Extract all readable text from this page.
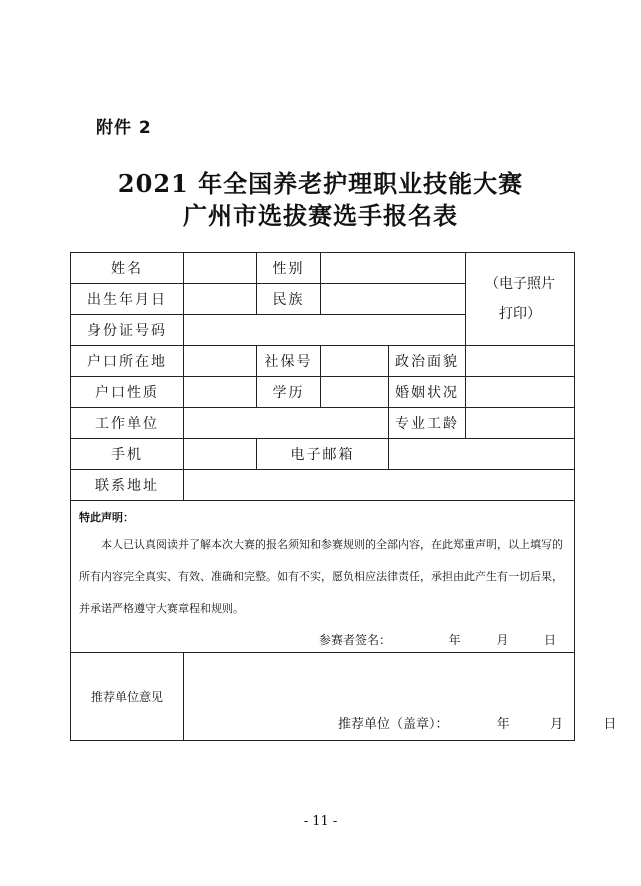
附件 2
2021 年全国养老护理职业技能大赛
广州市选拔赛选手报名表
姓名		性别			（电子照片
打印）

出生年月日		民族			
身份证号码					
户口所在地		社保号		政治面貌	
户口性质		学历		婚姻状况	
工作单位				专业工龄	
手机		电子邮箱			
联系地址					

特此声明：
本人已认真阅读并了解本次大赛的报名须知和参赛规则的全部内容，在此郑重声明，以上填写的所有内容完全真实、有效、准确和完整。如有不实，愿负相应法律责任，承担由此产生有一切后果，并承诺严格遵守大赛章程和规则。
参赛者签名： 年 月 日					

推荐单位意见	推荐单位（盖章）： 年 月 日				
- 11 -
